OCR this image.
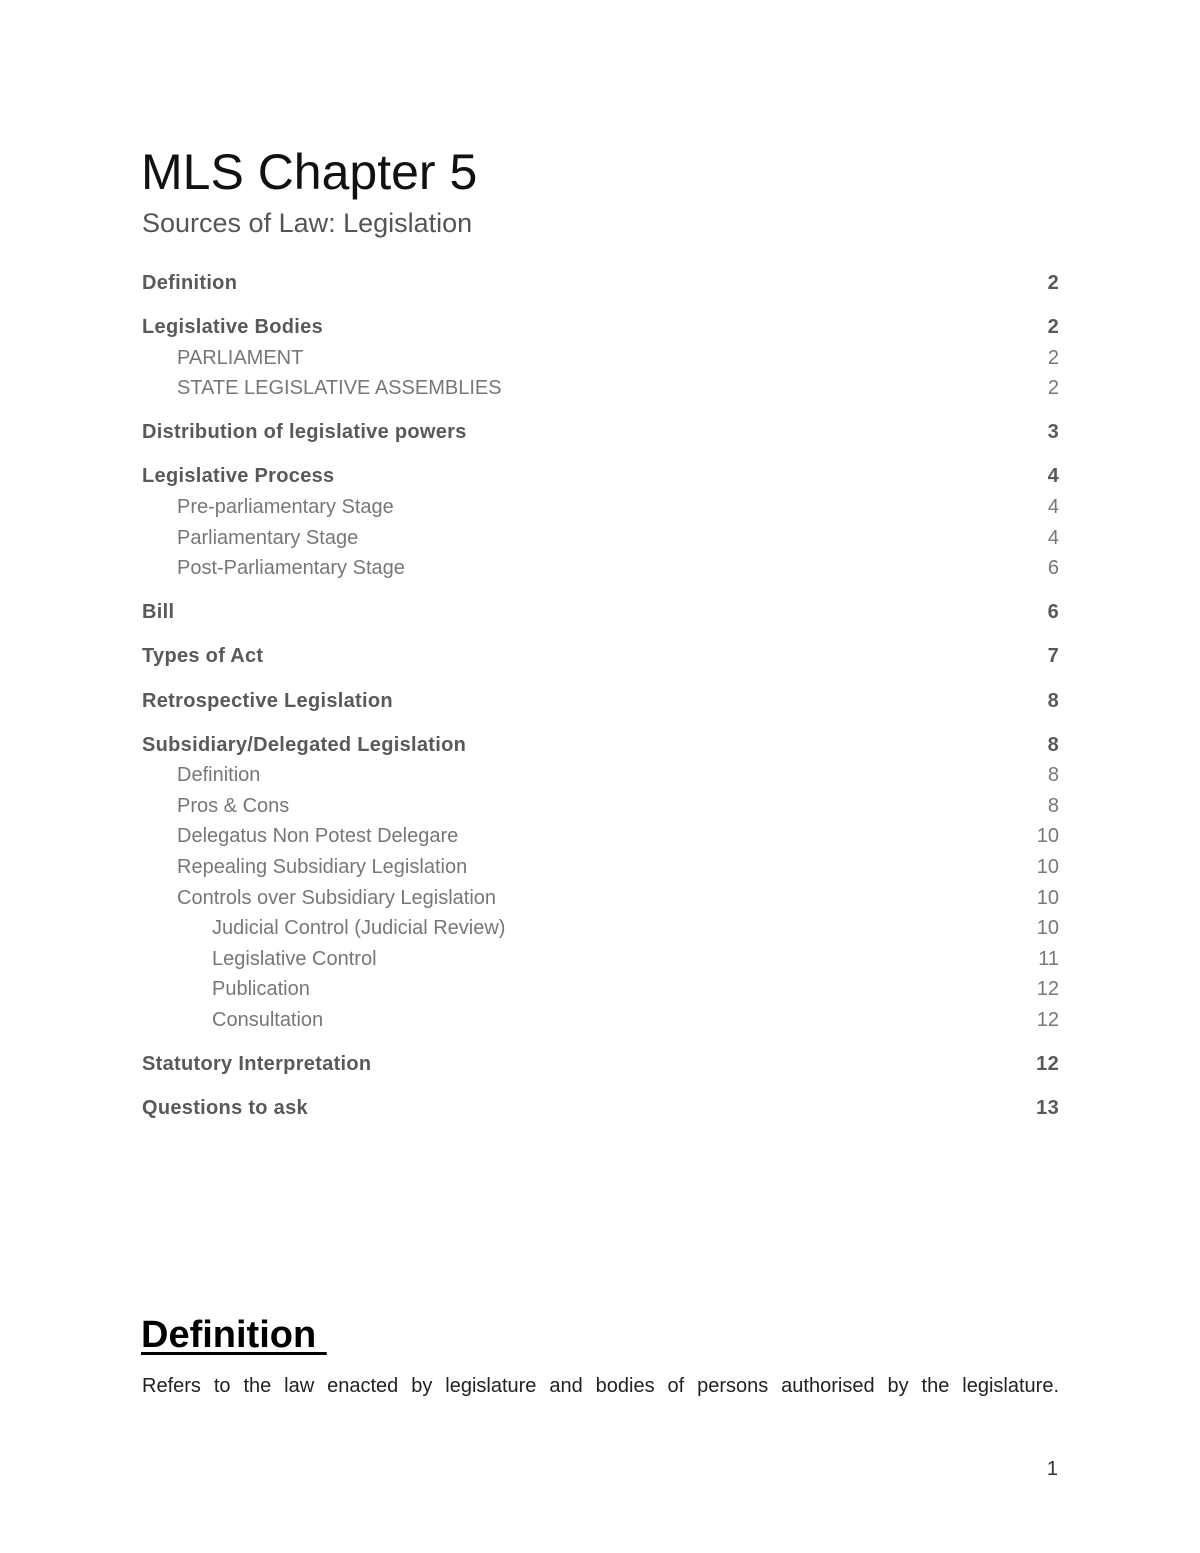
MLS Chapter 5
Sources of Law: Legislation
Definition	2
Legislative Bodies	2
PARLIAMENT	2
STATE LEGISLATIVE ASSEMBLIES	2
Distribution of legislative powers	3
Legislative Process	4
Pre-parliamentary Stage	4
Parliamentary Stage	4
Post-Parliamentary Stage	6
Bill	6
Types of Act	7
Retrospective Legislation	8
Subsidiary/Delegated Legislation	8
Definition	8
Pros & Cons	8
Delegatus Non Potest Delegare	10
Repealing Subsidiary Legislation	10
Controls over Subsidiary Legislation	10
Judicial Control (Judicial Review)	10
Legislative Control	11
Publication	12
Consultation	12
Statutory Interpretation	12
Questions to ask	13
Definition

Refers to the law enacted by legislature and bodies of persons authorised by the legislature.

1
